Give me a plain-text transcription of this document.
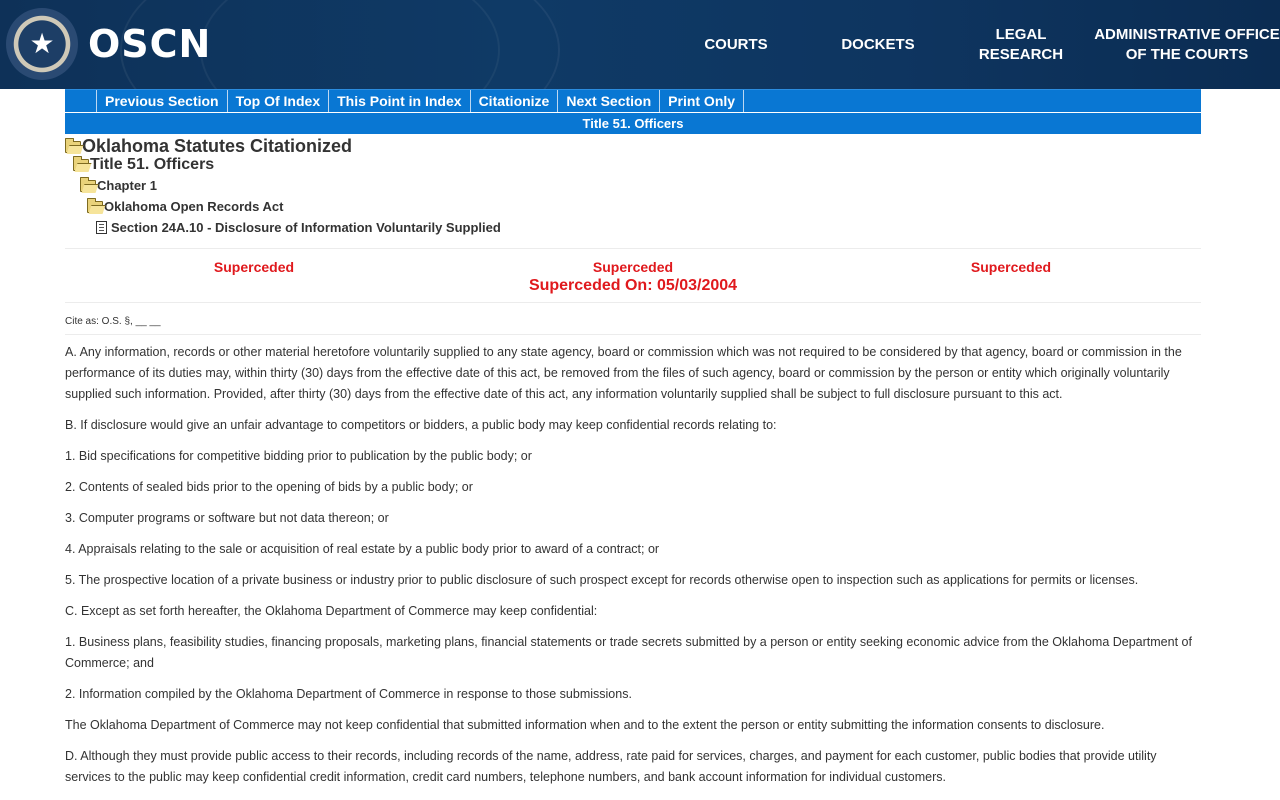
★ OSCN	COURTS	DOCKETS
LEGAL
RESEARCH
ADMINISTRATIVE OFFICE
OF THE COURTS
Previous Section	Top Of Index	This Point in Index	Citationize	Next Section	Print Only
Title 51. Officers
Oklahoma Statutes Citationized
Title 51. Officers
Chapter 1
Oklahoma Open Records Act
Section 24A.10 - Disclosure of Information Voluntarily Supplied
Superceded	Superceded	Superceded
Superceded On: 05/03/2004
Cite as: O.S. §, __ __

A. Any information, records or other material heretofore voluntarily supplied to any state agency, board or commission which was not required to be considered by that agency, board or commission in the performance of its duties may, within thirty (30) days from the effective date of this act, be removed from the files of such agency, board or commission by the person or entity which originally voluntarily supplied such information. Provided, after thirty (30) days from the effective date of this act, any information voluntarily supplied shall be subject to full disclosure pursuant to this act.

B. If disclosure would give an unfair advantage to competitors or bidders, a public body may keep confidential records relating to:

1. Bid specifications for competitive bidding prior to publication by the public body; or

2. Contents of sealed bids prior to the opening of bids by a public body; or

3. Computer programs or software but not data thereon; or

4. Appraisals relating to the sale or acquisition of real estate by a public body prior to award of a contract; or

5. The prospective location of a private business or industry prior to public disclosure of such prospect except for records otherwise open to inspection such as applications for permits or licenses.

C. Except as set forth hereafter, the Oklahoma Department of Commerce may keep confidential:

1. Business plans, feasibility studies, financing proposals, marketing plans, financial statements or trade secrets submitted by a person or entity seeking economic advice from the Oklahoma Department of Commerce; and

2. Information compiled by the Oklahoma Department of Commerce in response to those submissions.

The Oklahoma Department of Commerce may not keep confidential that submitted information when and to the extent the person or entity submitting the information consents to disclosure.

D. Although they must provide public access to their records, including records of the name, address, rate paid for services, charges, and payment for each customer, public bodies that provide utility services to the public may keep confidential credit information, credit card numbers, telephone numbers, and bank account information for individual customers.
